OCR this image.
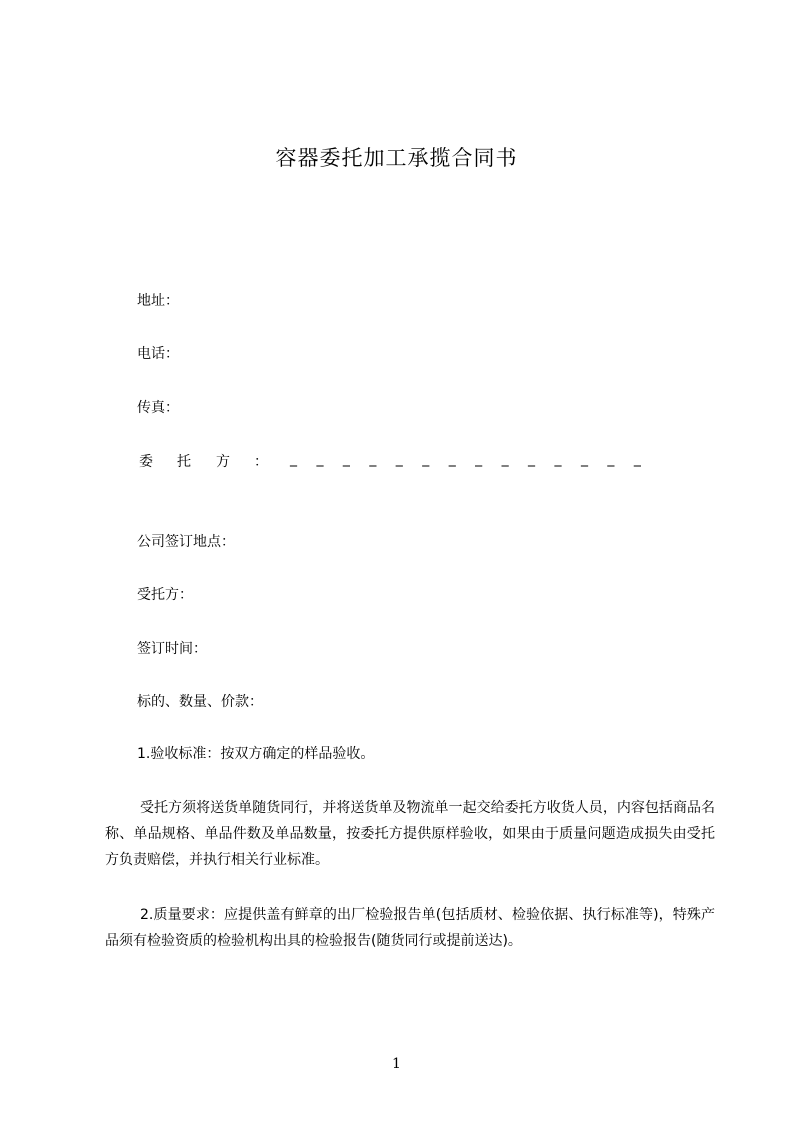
容器委托加工承揽合同书
地址：
电话：
传真：
委 托 方 ： _ _ _ _ _ _ _ _ _ _ _ _ _ _
公司签订地点：
受托方：
签订时间：
标的、数量、价款：
1.验收标准：按双方确定的样品验收。

受托方须将送货单随货同行，并将送货单及物流单一起交给委托方收货人员，内容包括商品名称、单品规格、单品件数及单品数量，按委托方提供原样验收，如果由于质量问题造成损失由受托方负责赔偿，并执行相关行业标准。

2.质量要求：应提供盖有鲜章的出厂检验报告单(包括质材、检验依据、执行标准等)，特殊产品须有检验资质的检验机构出具的检验报告(随货同行或提前送达)。

1
